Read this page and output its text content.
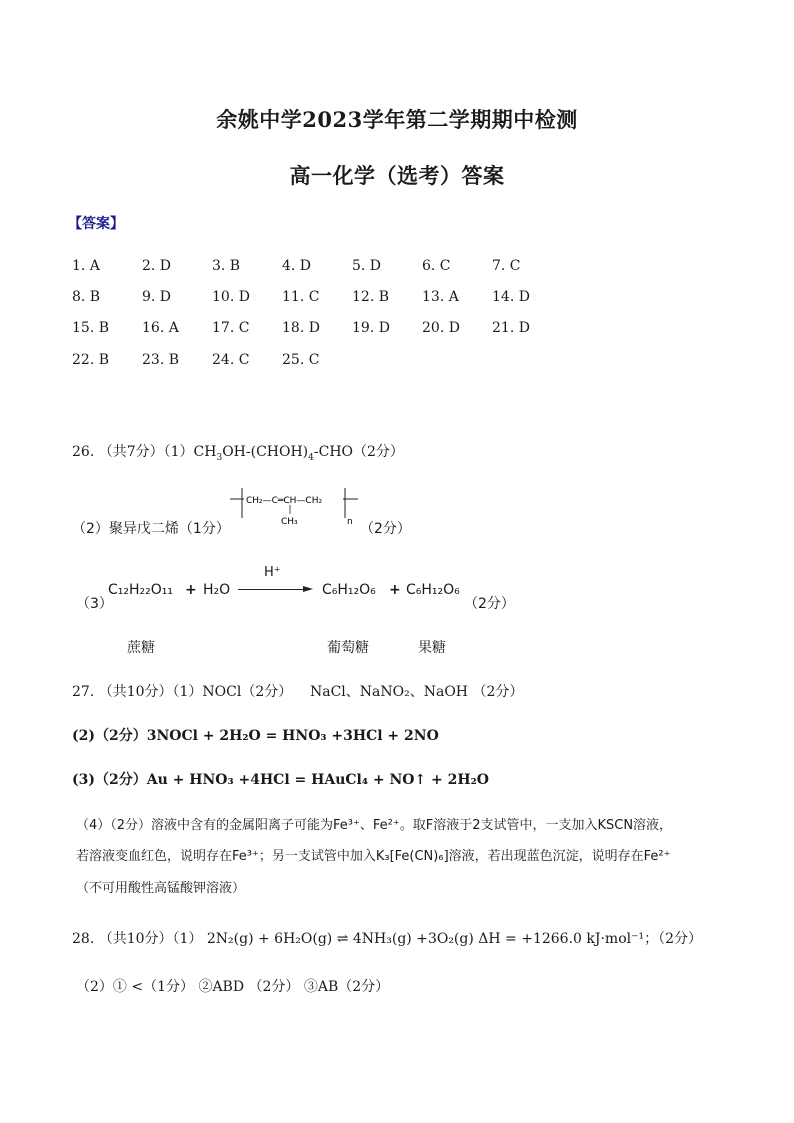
余姚中学2023学年第二学期期中检测
高一化学（选考）答案
【答案】
1. A	2. D	3. B	4. D	5. D	6. C	7. C
8. B	9. D	10. D	11. C	12. B	13. A	14. D
15. B	16. A	17. C	18. D	19. D	20. D	21. D
22. B	23. B	24. C	25. C
26. （共7分）$(1)CH_3OH-(CHOH)_4-CHO(2$分）
（2）聚异戊二烯（1分）
CH₂—C═CH—CH₂
CH₃	n （2分）
（3）
C₁₂H₂₂O₁₁ + H₂O
H⁺
C₆H₁₂O₆ + C₆H₁₂O₆
（2分）
蔗糖	葡萄糖	果糖
27. （共10分）（1）NOCl（2分） NaCl、NaNO₂、NaOH （2分）
(2)（2分）3NOCl + 2H₂O = HNO₃ +3HCl + 2NO
(3)（2分）Au + HNO₃ +4HCl = HAuCl₄ + NO↑ + 2H₂O
（4）（2分）溶液中含有的金属阳离子可能为Fe³⁺、Fe²⁺。取F溶液于2支试管中，一支加入KSCN溶液，
若溶液变血红色，说明存在Fe³⁺；另一支试管中加入K₃[Fe(CN)₆]溶液，若出现蓝色沉淀，说明存在Fe²⁺
（不可用酸性高锰酸钾溶液）
28. （共10分）（1） 2N₂(g) + 6H₂O(g) ⇌ 4NH₃(g) +3O₂(g) ΔH = +1266.0 kJ·mol⁻¹；（2分）
（2）① <（1分） ②ABD （2分） ③AB（2分）
